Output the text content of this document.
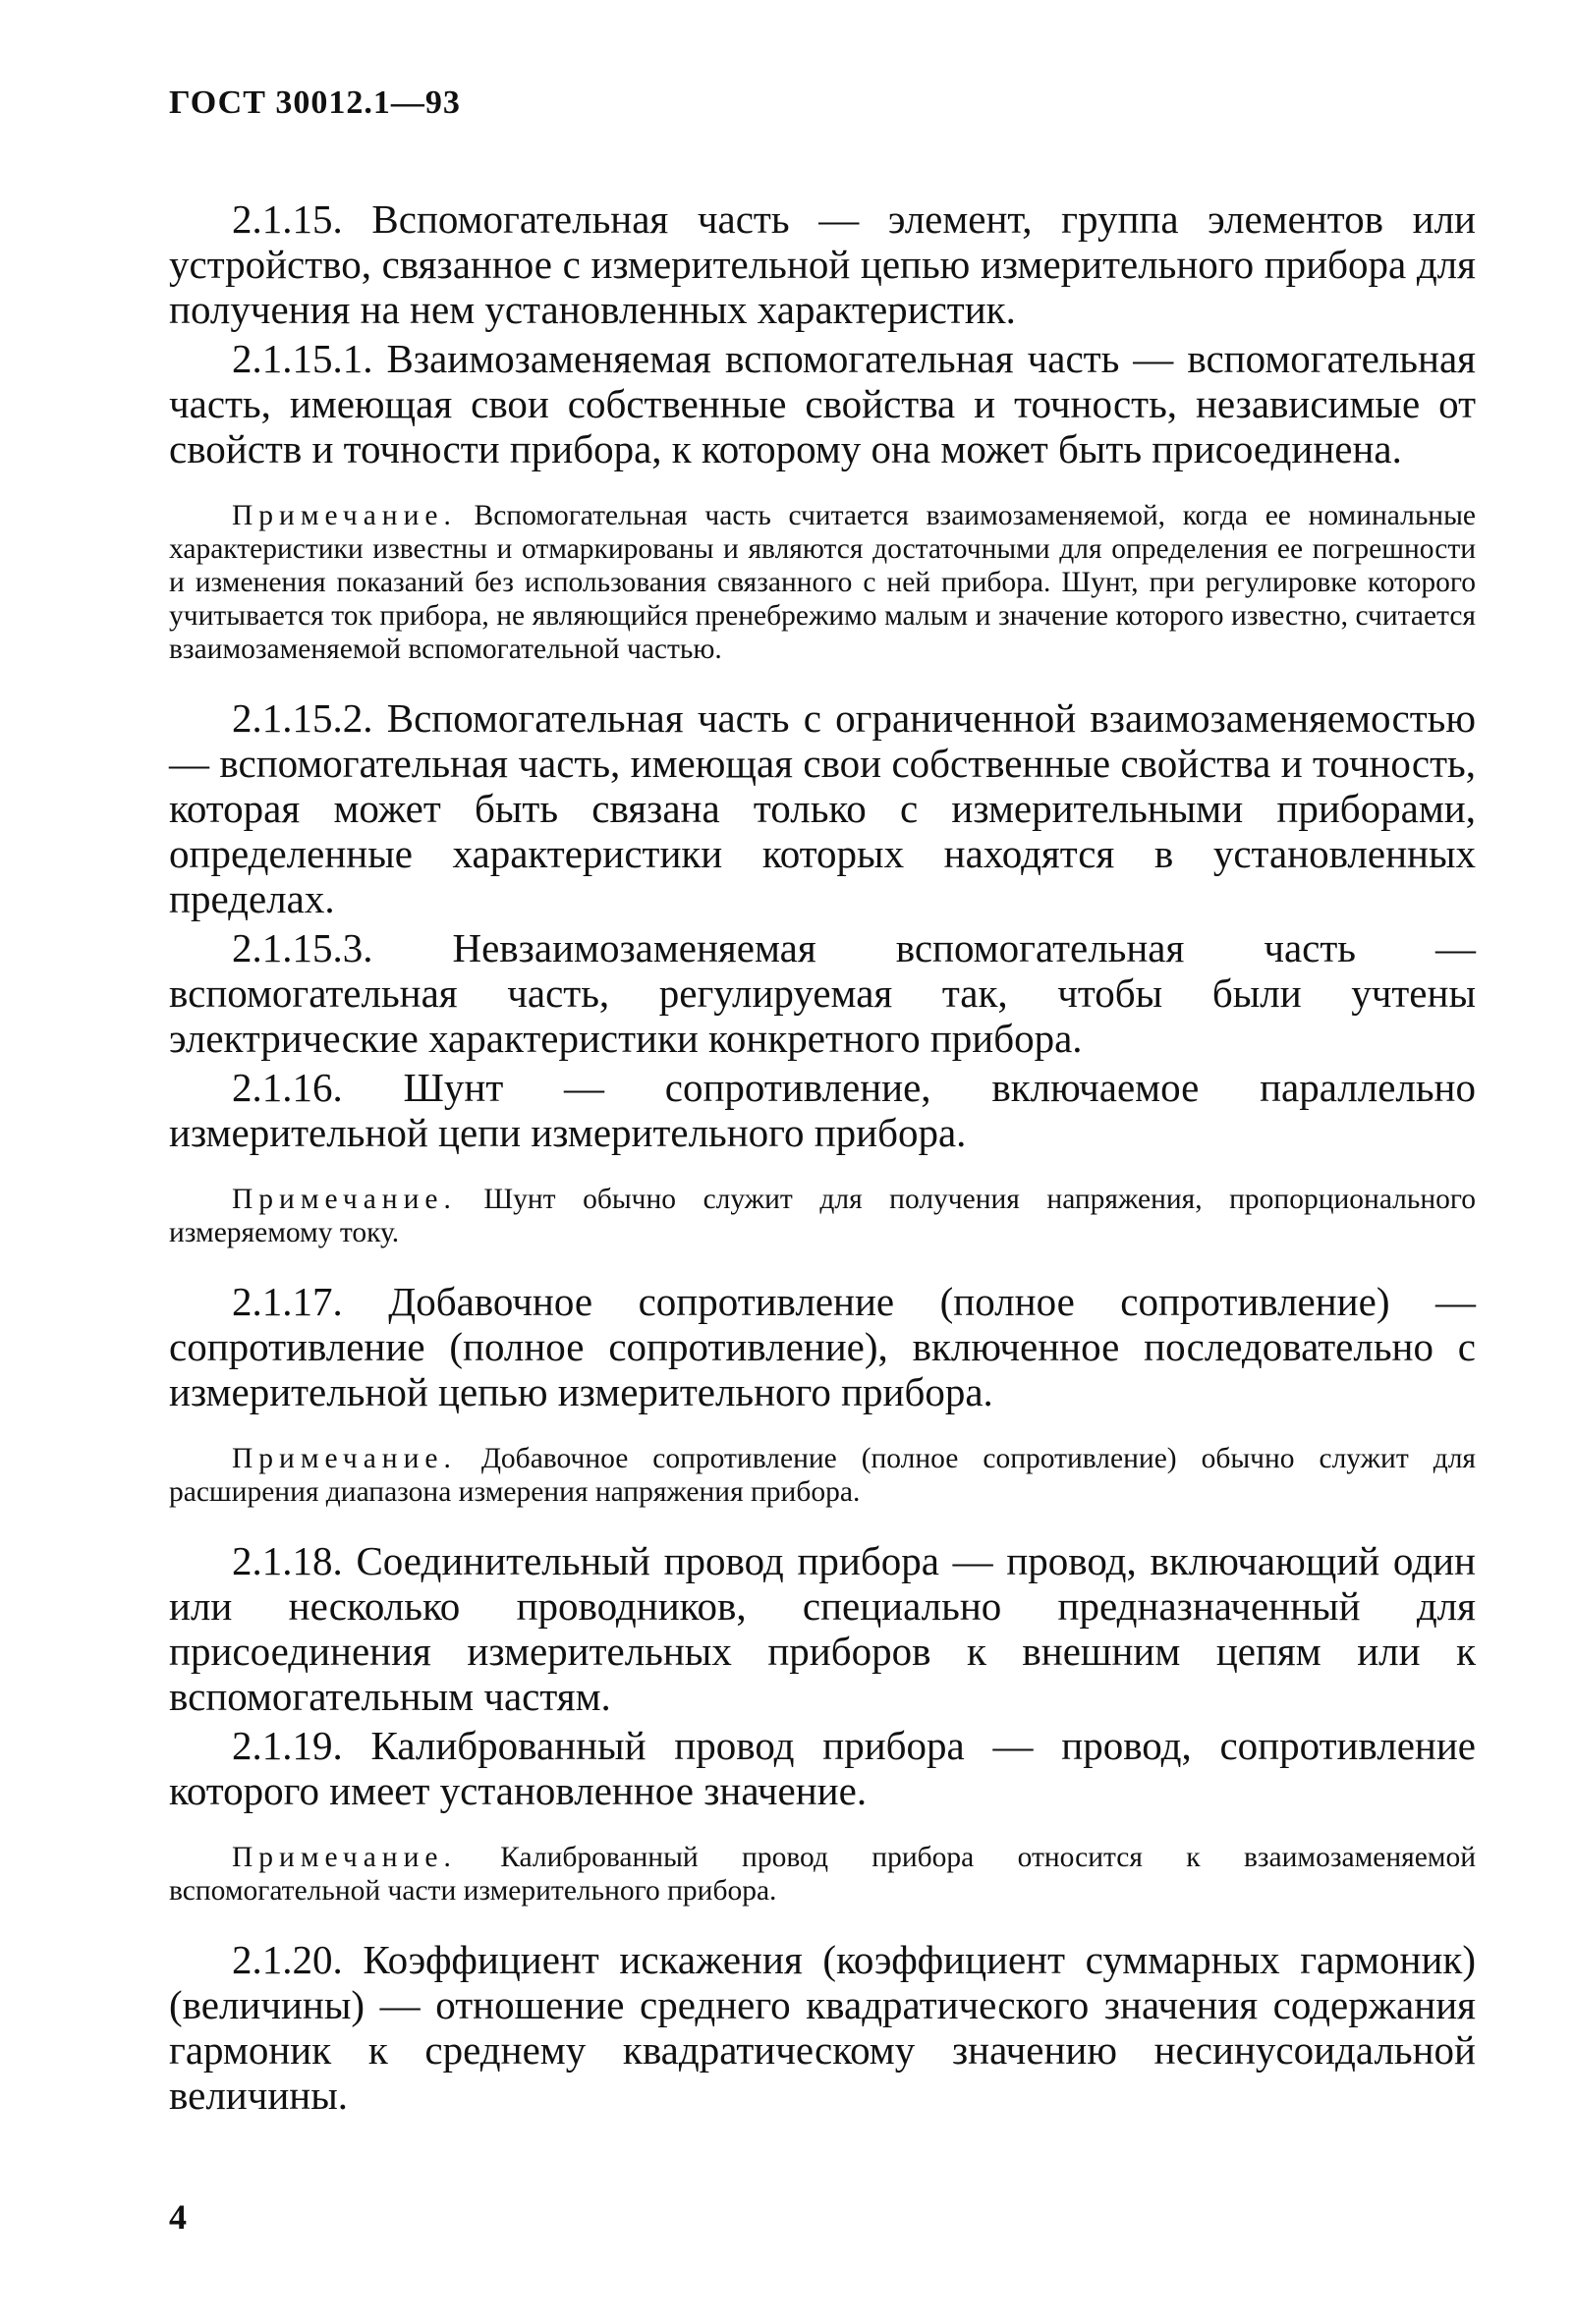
ГОСТ 30012.1—93

2.1.15. Вспомогательная часть — элемент, группа элементов или устройство, связанное с измерительной цепью измерительного прибора для получения на нем установленных характеристик.

2.1.15.1. Взаимозаменяемая вспомогательная часть — вспомогательная часть, имеющая свои собственные свойства и точность, независимые от свойств и точности прибора, к которому она может быть присоединена.

Примечание. Вспомогательная часть считается взаимозаменяемой, когда ее номинальные характеристики известны и отмаркированы и являются достаточными для определения ее погрешности и изменения показаний без использования связанного с ней прибора. Шунт, при регулировке которого учитывается ток прибора, не являющийся пренебрежимо малым и значение которого известно, считается взаимозаменяемой вспомогательной частью.

2.1.15.2. Вспомогательная часть с ограниченной взаимозаменяемостью — вспомогательная часть, имеющая свои собственные свойства и точность, которая может быть связана только с измерительными приборами, определенные характеристики которых находятся в установленных пределах.

2.1.15.3. Невзаимозаменяемая вспомогательная часть — вспомогательная часть, регулируемая так, чтобы были учтены электрические характеристики конкретного прибора.

2.1.16. Шунт — сопротивление, включаемое параллельно измерительной цепи измерительного прибора.

Примечание. Шунт обычно служит для получения напряжения, пропорционального измеряемому току.

2.1.17. Добавочное сопротивление (полное сопротивление) — сопротивление (полное сопротивление), включенное последовательно с измерительной цепью измерительного прибора.

Примечание. Добавочное сопротивление (полное сопротивление) обычно служит для расширения диапазона измерения напряжения прибора.

2.1.18. Соединительный провод прибора — провод, включающий один или несколько проводников, специально предназначенный для присоединения измерительных приборов к внешним цепям или к вспомогательным частям.

2.1.19. Калиброванный провод прибора — провод, сопротивление которого имеет установленное значение.

Примечание. Калиброванный провод прибора относится к взаимозаменяемой вспомогательной части измерительного прибора.

2.1.20. Коэффициент искажения (коэффициент суммарных гармоник) (величины) — отношение среднего квадратического значения содержания гармоник к среднему квадратическому значению несинусоидальной величины.

4
